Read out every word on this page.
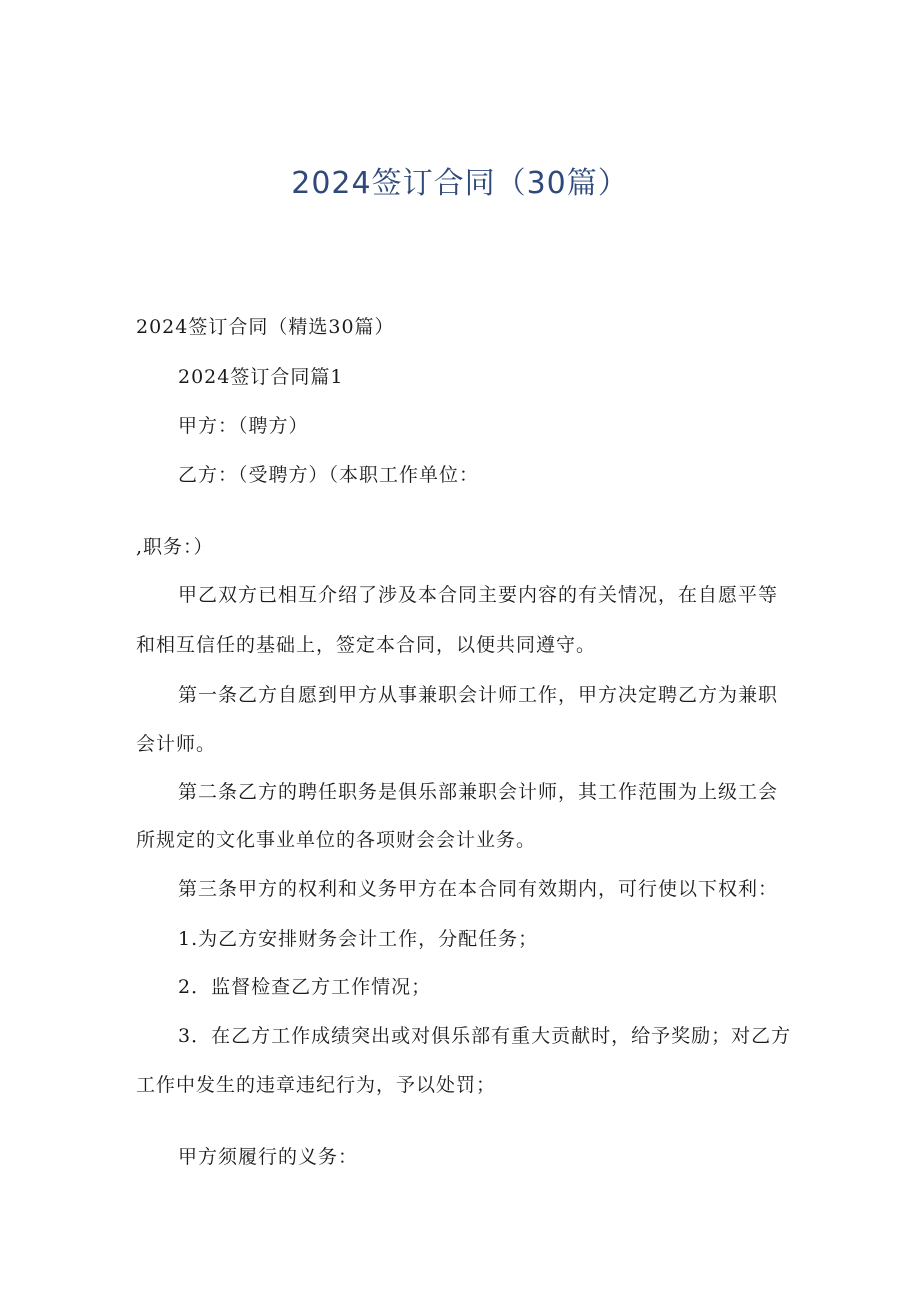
2024签订合同（30篇）
2024签订合同（精选30篇）
2024签订合同篇1
甲方：（聘方）
乙方：（受聘方）（本职工作单位：
,职务：）
甲乙双方已相互介绍了涉及本合同主要内容的有关情况，在自愿平等
和相互信任的基础上，签定本合同，以便共同遵守。
第一条乙方自愿到甲方从事兼职会计师工作，甲方决定聘乙方为兼职
会计师。
第二条乙方的聘任职务是俱乐部兼职会计师，其工作范围为上级工会
所规定的文化事业单位的各项财会会计业务。
第三条甲方的权利和义务甲方在本合同有效期内，可行使以下权利：
1.为乙方安排财务会计工作，分配任务；
2．监督检查乙方工作情况；
3．在乙方工作成绩突出或对俱乐部有重大贡献时，给予奖励；对乙方
工作中发生的违章违纪行为，予以处罚；
甲方须履行的义务：
